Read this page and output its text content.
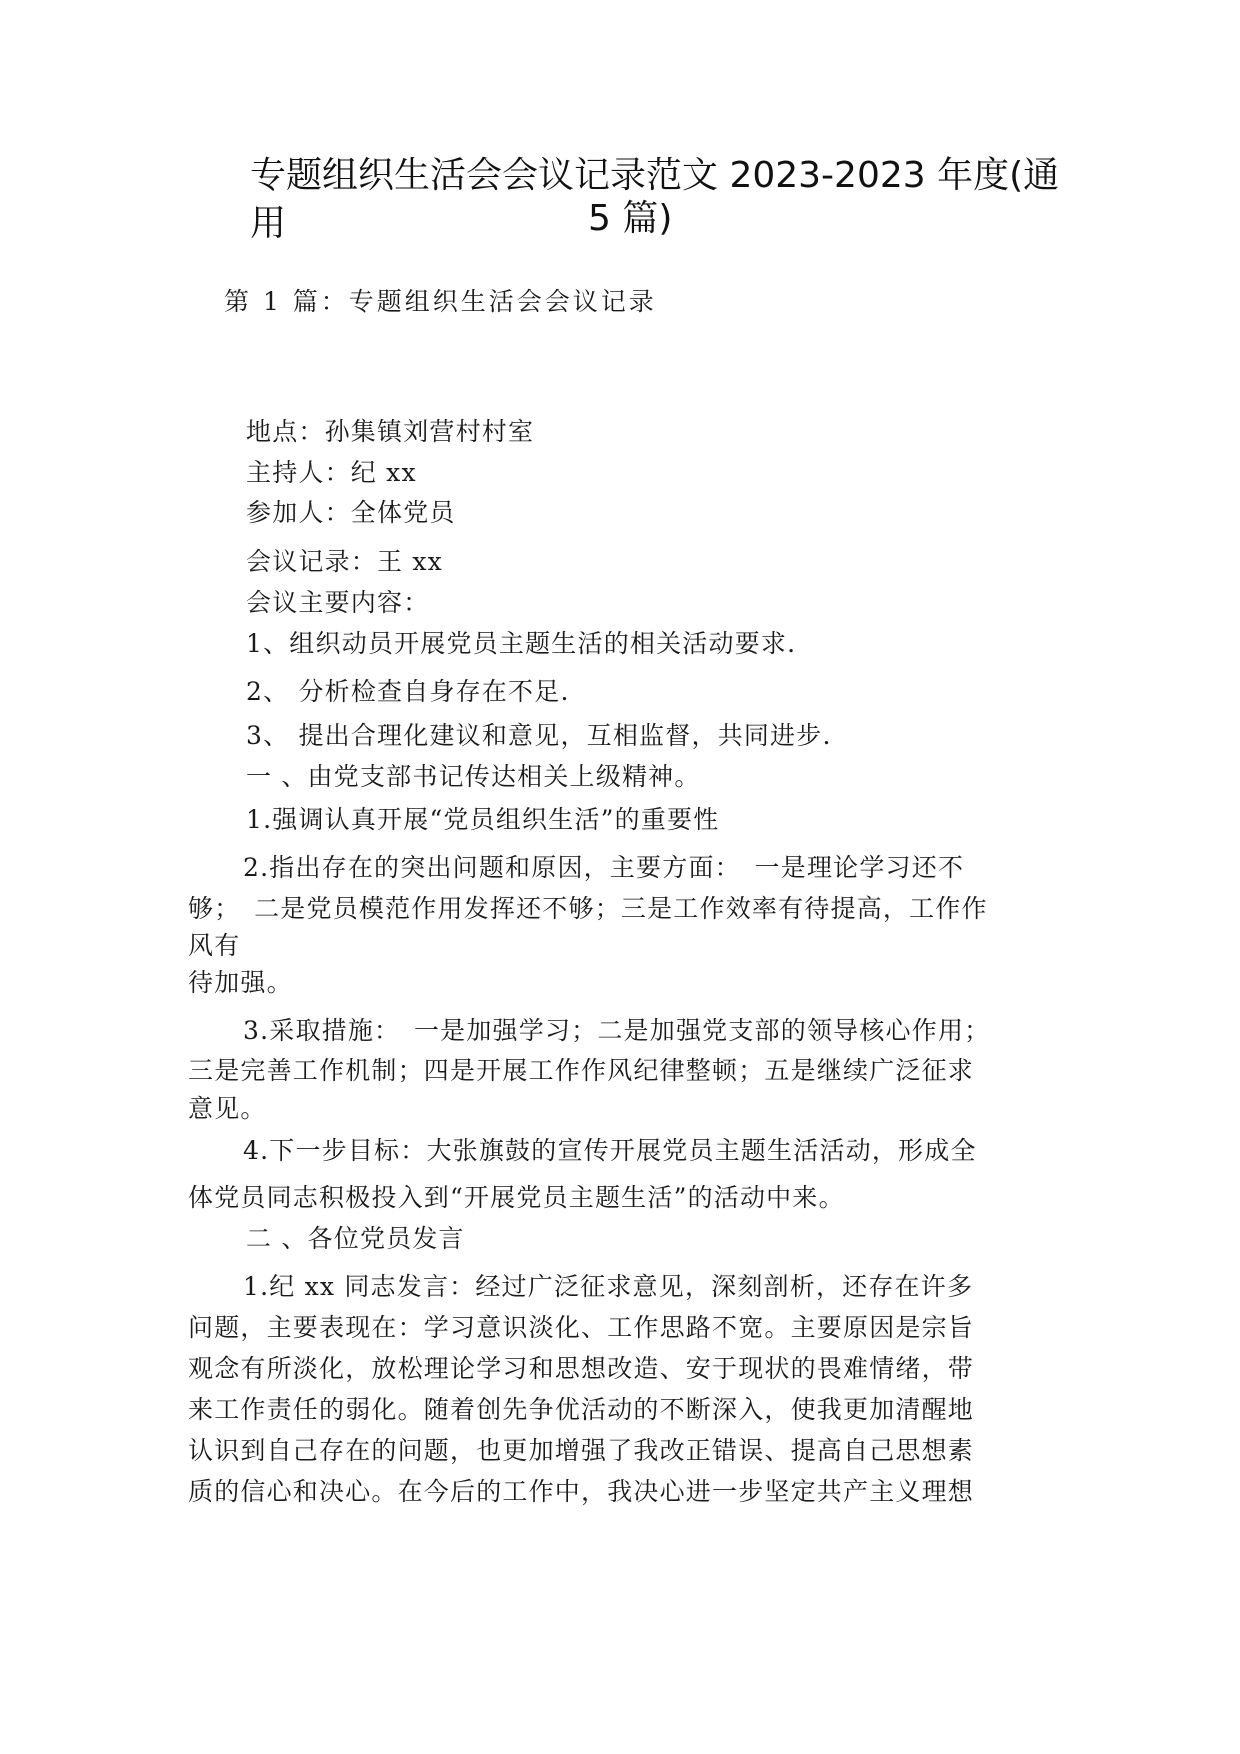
专题组织生活会会议记录范文 2023-2023 年度(通用	5 篇)
第 1 篇：专题组织生活会会议记录
地点：孙集镇刘营村村室
主持人：纪 xx
参加人：全体党员
会议记录：王 xx
会议主要内容：
1、组织动员开展党员主题生活的相关活动要求.
2、 分析检查自身存在不足.
3、 提出合理化建议和意见，互相监督，共同进步.
一 、由党支部书记传达相关上级精神。
1.强调认真开展“党员组织生活”的重要性
2.指出存在的突出问题和原因，主要方面：　一是理论学习还不
够；　二是党员模范作用发挥还不够；三是工作效率有待提高，工作作
风有
待加强。
3.采取措施：　一是加强学习；二是加强党支部的领导核心作用；
三是完善工作机制；四是开展工作作风纪律整顿；五是继续广泛征求
意见。
4.下一步目标：大张旗鼓的宣传开展党员主题生活活动，形成全
体党员同志积极投入到“开展党员主题生活”的活动中来。
二 、各位党员发言
1.纪 xx 同志发言：经过广泛征求意见，深刻剖析，还存在许多
问题，主要表现在：学习意识淡化、工作思路不宽。主要原因是宗旨
观念有所淡化，放松理论学习和思想改造、安于现状的畏难情绪，带
来工作责任的弱化。随着创先争优活动的不断深入，使我更加清醒地
认识到自己存在的问题，也更加增强了我改正错误、提高自己思想素
质的信心和决心。在今后的工作中，我决心进一步坚定共产主义理想
